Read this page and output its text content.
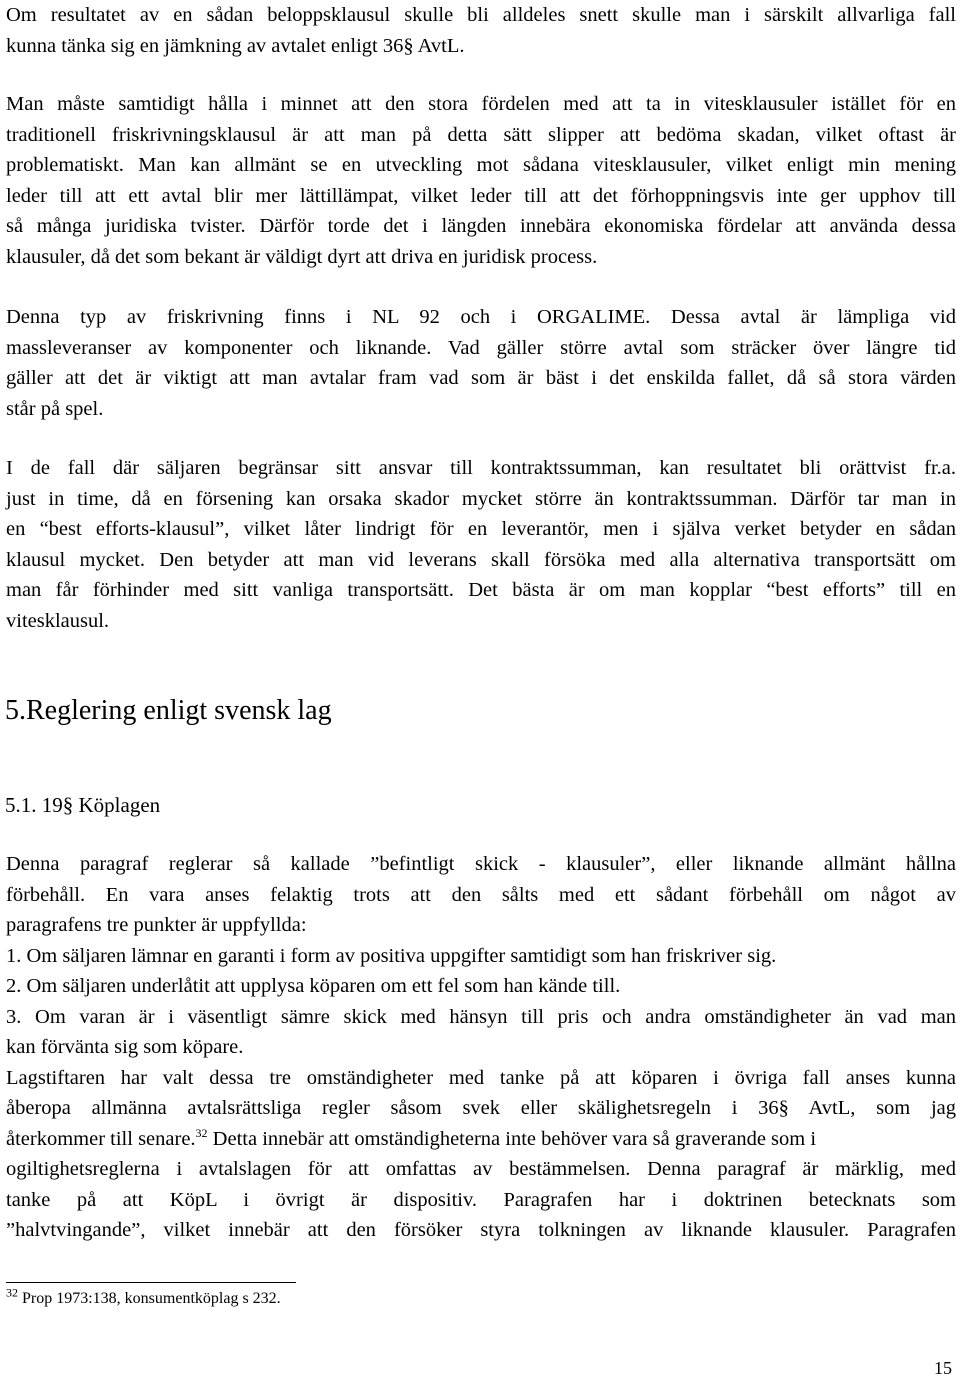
Om resultatet av en sådan beloppsklausul skulle bli alldeles snett skulle man i särskilt allvarliga fall
kunna tänka sig en jämkning av avtalet enligt 36§ AvtL.
Man måste samtidigt hålla i minnet att den stora fördelen med att ta in vitesklausuler istället för en
traditionell friskrivningsklausul är att man på detta sätt slipper att bedöma skadan, vilket oftast är
problematiskt. Man kan allmänt se en utveckling mot sådana vitesklausuler, vilket enligt min mening
leder till att ett avtal blir mer lättillämpat, vilket leder till att det förhoppningsvis inte ger upphov till
så många juridiska tvister. Därför torde det i längden innebära ekonomiska fördelar att använda dessa
klausuler, då det som bekant är väldigt dyrt att driva en juridisk process.
Denna typ av friskrivning finns i NL 92 och i ORGALIME. Dessa avtal är lämpliga vid
massleveranser av komponenter och liknande. Vad gäller större avtal som sträcker över längre tid
gäller att det är viktigt att man avtalar fram vad som är bäst i det enskilda fallet, då så stora värden
står på spel.
I de fall där säljaren begränsar sitt ansvar till kontraktssumman, kan resultatet bli orättvist fr.a.
just in time, då en försening kan orsaka skador mycket större än kontraktssumman. Därför tar man in
en “best efforts-klausul”, vilket låter lindrigt för en leverantör, men i själva verket betyder en sådan
klausul mycket. Den betyder att man vid leverans skall försöka med alla alternativa transportsätt om
man får förhinder med sitt vanliga transportsätt. Det bästa är om man kopplar “best efforts” till en
vitesklausul.
5.Reglering enligt svensk lag
5.1. 19§ Köplagen
Denna paragraf reglerar så kallade ”befintligt skick - klausuler”, eller liknande allmänt hållna
förbehåll. En vara anses felaktig trots att den sålts med ett sådant förbehåll om något av
paragrafens tre punkter är uppfyllda:
1. Om säljaren lämnar en garanti i form av positiva uppgifter samtidigt som han friskriver sig.
2. Om säljaren underlåtit att upplysa köparen om ett fel som han kände till.
3. Om varan är i väsentligt sämre skick med hänsyn till pris och andra omständigheter än vad man
kan förvänta sig som köpare.
Lagstiftaren har valt dessa tre omständigheter med tanke på att köparen i övriga fall anses kunna
åberopa allmänna avtalsrättsliga regler såsom svek eller skälighetsregeln i 36§ AvtL, som jag
återkommer till senare.$^{32}$ Detta innebär att omständigheterna inte behöver vara så graverande som i
ogiltighetsreglerna i avtalslagen för att omfattas av bestämmelsen. Denna paragraf är märklig, med
tanke på att KöpL i övrigt är dispositiv. Paragrafen har i doktrinen betecknats som
”halvtvingande”, vilket innebär att den försöker styra tolkningen av liknande klausuler. Paragrafen

$^{32}$ Prop 1973:138, konsumentköplag s 232.

15
